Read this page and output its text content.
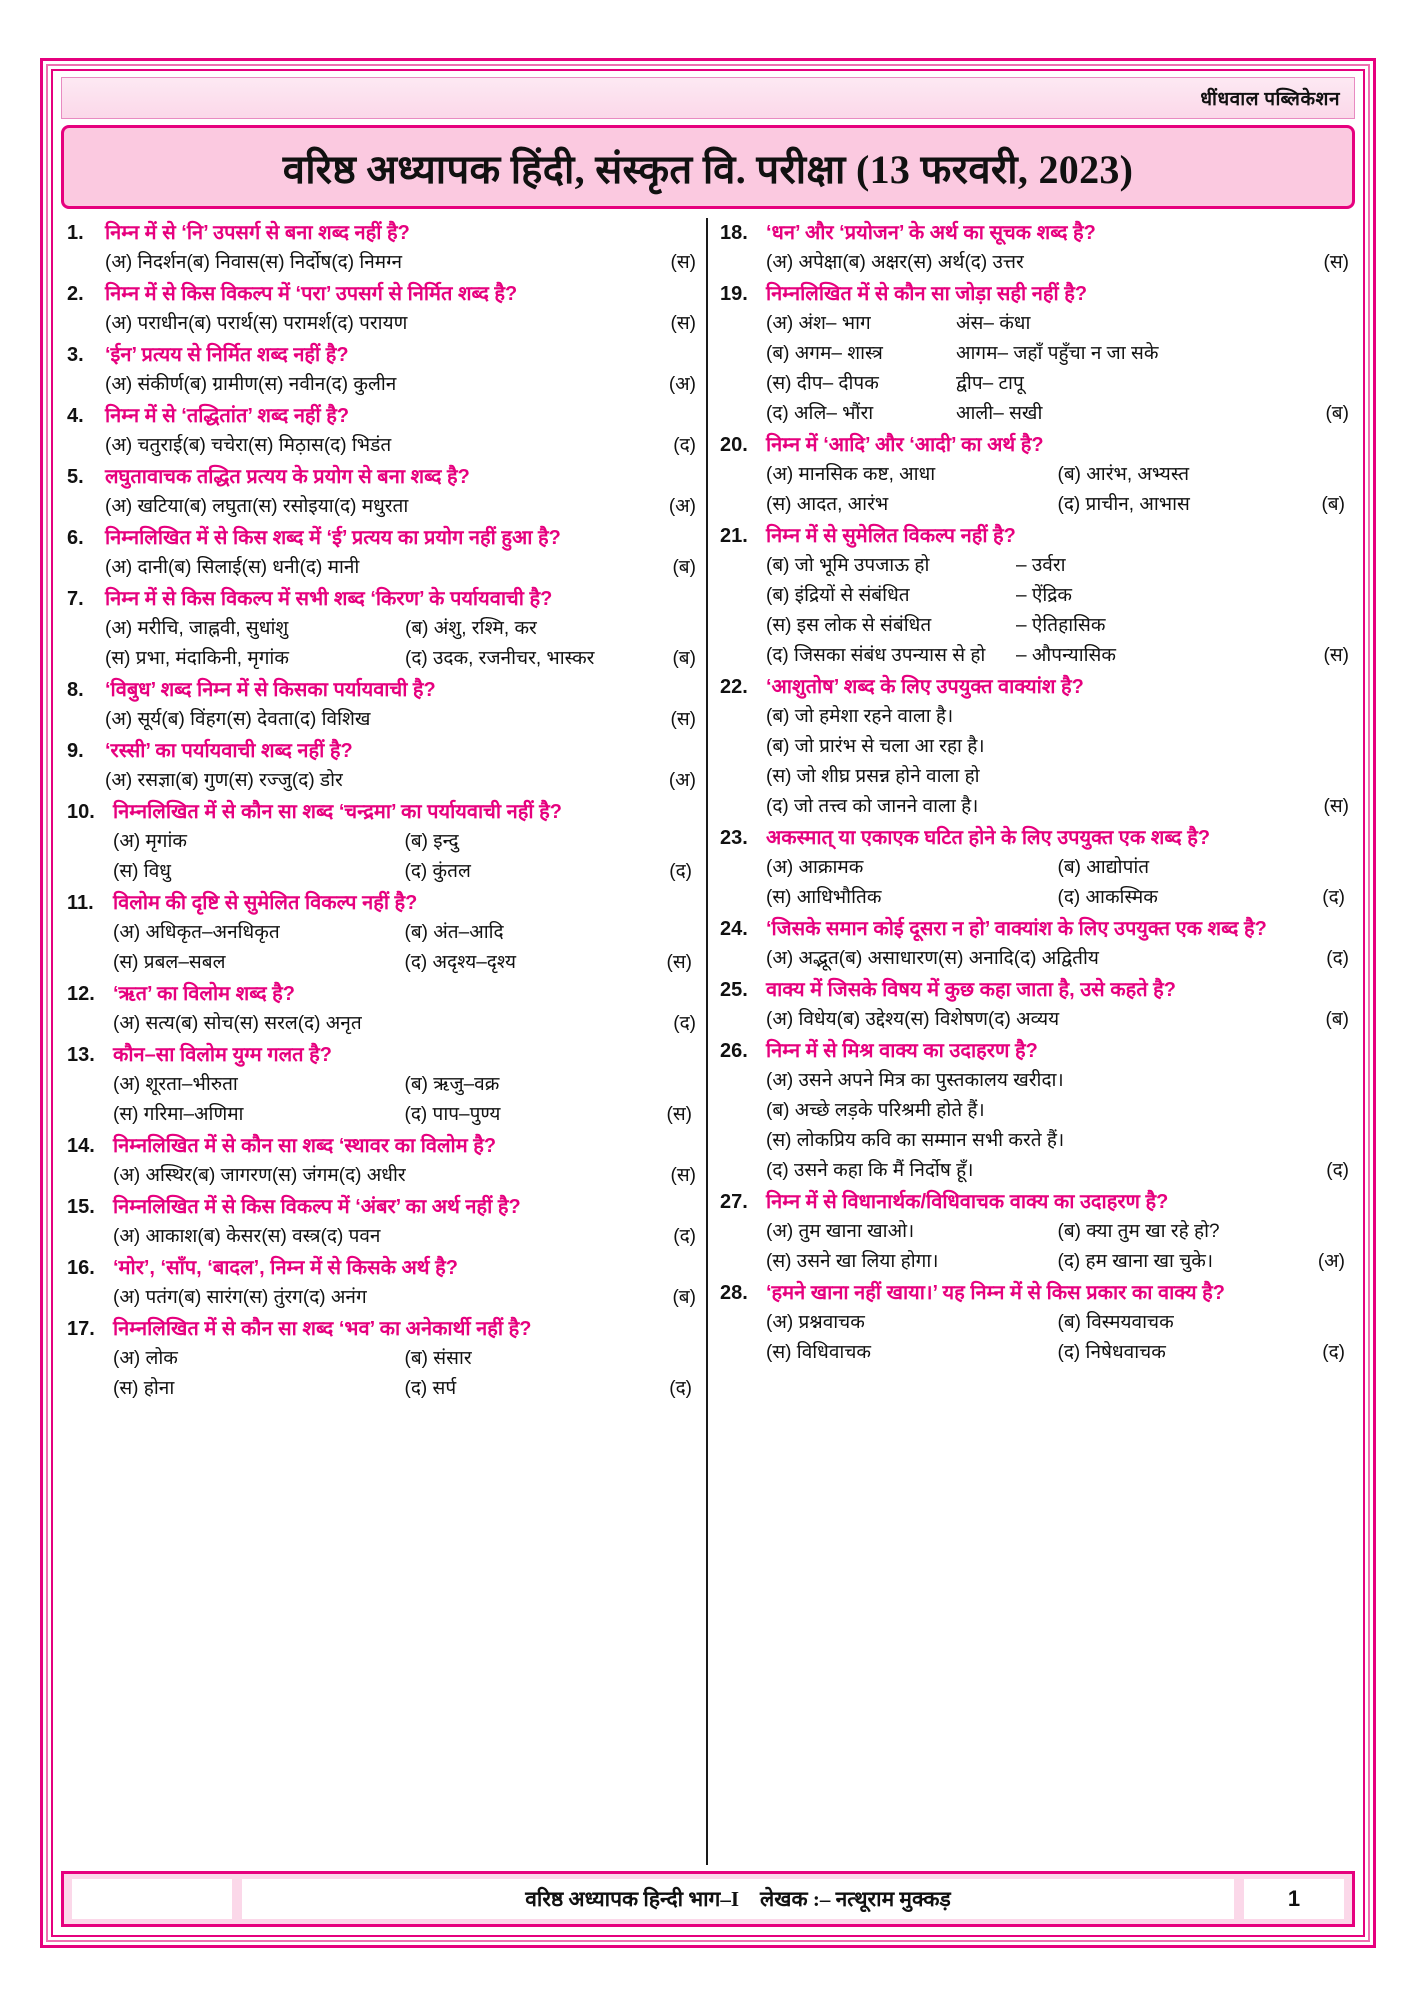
धींधवाल पब्लिकेशन
वरिष्ठ अध्यापक हिंदी, संस्कृत वि. परीक्षा (13 फरवरी, 2023)
1.	निम्न में से ‘नि’ उपसर्ग से बना शब्द नहीं है?
(अ) निदर्शन (ब) निवास (स) निर्दोष (द) निमग्न	(स)
2.	निम्न में से किस विकल्प में ‘परा’ उपसर्ग से निर्मित शब्द है?
(अ) पराधीन (ब) परार्थ (स) परामर्श (द) परायण	(स)
3.	‘ईन’ प्रत्यय से निर्मित शब्द नहीं है?
(अ) संकीर्ण (ब) ग्रामीण (स) नवीन (द) कुलीन	(अ)
4.	निम्न में से ‘तद्धितांत’ शब्द नहीं है?
(अ) चतुराई (ब) चचेरा (स) मिठ़ास (द) भिडंत	(द)
5.	लघुतावाचक तद्धित प्रत्यय के प्रयोग से बना शब्द है?
(अ) खटिया (ब) लघुता (स) रसोइया (द) मधुरता	(अ)
6.	निम्नलिखित में से किस शब्द में ‘ई’ प्रत्यय का प्रयोग नहीं हुआ है?
(अ) दानी (ब) सिलाई (स) धनी (द) मानी	(ब)
7.	निम्न में से किस विकल्प में सभी शब्द ‘किरण’ के पर्यायवाची है?
(अ) मरीचि, जाह्नवी, सुधांशु	(ब) अंशु, रश्मि, कर
(स) प्रभा, मंदाकिनी, मृगांक	(द) उदक, रजनीचर, भास्कर	(ब)
8.	‘विबुध’ शब्द निम्न में से किसका पर्यायवाची है?
(अ) सूर्य (ब) विंहग (स) देवता (द) विशिख	(स)
9.	‘रस्सी’ का पर्यायवाची शब्द नहीं है?
(अ) रसज्ञा (ब) गुण (स) रज्जु (द) डोर	(अ)
10. निम्नलिखित में से कौन सा शब्द ‘चन्द्रमा’ का पर्यायवाची नहीं है?
(अ) मृगांक	(ब) इन्दु
(स) विधु	(द) कुंतल	(द)
11. विलोम की दृष्टि से सुमेलित विकल्प नहीं है?
(अ) अधिकृत–अनधिकृत	(ब) अंत–आदि
(स) प्रबल–सबल	(द) अदृश्य–दृश्य	(स)
12. ‘ऋत’ का विलोम शब्द है?
(अ) सत्य (ब) सोच (स) सरल (द) अनृत	(द)
13. कौन–सा विलोम युग्म गलत है?
(अ) शूरता–भीरुता	(ब) ऋजु–वक्र
(स) गरिमा–अणिमा	(द) पाप–पुण्य	(स)
14. निम्नलिखित में से कौन सा शब्द ‘स्थावर का विलोम है?
(अ) अस्थिर (ब) जागरण (स) जंगम (द) अधीर	(स)
15. निम्नलिखित में से किस विकल्प में ‘अंबर’ का अर्थ नहीं है?
(अ) आकाश (ब) केसर (स) वस्त्र (द) पवन	(द)
16. ‘मोर’, ‘साँप, ‘बादल’, निम्न में से किसके अर्थ है?
(अ) पतंग (ब) सारंग (स) तुंरग (द) अनंग	(ब)
17. निम्नलिखित में से कौन सा शब्द ‘भव’ का अनेकार्थी नहीं है?
(अ) लोक	(ब) संसार
(स) होना	(द) सर्प	(द)
18. ‘धन’ और ‘प्रयोजन’ के अर्थ का सूचक शब्द है?
(अ) अपेक्षा (ब) अक्षर (स) अर्थ (द) उत्तर	(स)
19. निम्नलिखित में से कौन सा जोड़ा सही नहीं है?
(अ) अंश– भाग	अंस– कंधा
(ब) अगम– शास्त्र	आगम– जहाँ पहुँचा न जा सके
(स) दीप– दीपक	द्वीप– टापू
(द) अलि– भौंरा	आली– सखी	(ब)
20. निम्न में ‘आदि’ और ‘आदी’ का अर्थ है?
(अ) मानसिक कष्ट, आधा	(ब) आरंभ, अभ्यस्त
(स) आदत, आरंभ	(द) प्राचीन, आभास	(ब)
21. निम्न में से सुमेलित विकल्प नहीं है?
(ब) जो भूमि उपजाऊ हो	– उर्वरा
(ब) इंद्रियों से संबंधित	– ऐंद्रिक
(स) इस लोक से संबंधित	– ऐतिहासिक
(द) जिसका संबंध उपन्यास से हो	– औपन्यासिक	(स)
22. ‘आशुतोष’ शब्द के लिए उपयुक्त वाक्यांश है?
(ब) जो हमेशा रहने वाला है।
(ब) जो प्रारंभ से चला आ रहा है।
(स) जो शीघ्र प्रसन्न होने वाला हो
(द) जो तत्त्व को जानने वाला है।	(स)
23. अकस्मात् या एकाएक घटित होने के लिए उपयुक्त एक शब्द है?
(अ) आक्रामक	(ब) आद्योपांत
(स) आधिभौतिक	(द) आकस्मिक	(द)
24. ‘जिसके समान कोई दूसरा न हो’ वाक्यांश के लिए उपयुक्त एक शब्द है?
(अ) अद्भूत (ब) असाधारण (स) अनादि (द) अद्वितीय	(द)
25. वाक्य में जिसके विषय में कुछ कहा जाता है, उसे कहते है?
(अ) विधेय (ब) उद्देश्य (स) विशेषण (द) अव्यय	(ब)
26. निम्न में से मिश्र वाक्य का उदाहरण है?
(अ) उसने अपने मित्र का पुस्तकालय खरीदा।
(ब) अच्छे लड़के परिश्रमी होते हैं।
(स) लोकप्रिय कवि का सम्मान सभी करते हैं।
(द) उसने कहा कि मैं निर्दोष हूँ।	(द)
27. निम्न में से विधानार्थक/विधिवाचक वाक्य का उदाहरण है?
(अ) तुम खाना खाओ।	(ब) क्या तुम खा रहे हो?
(स) उसने खा लिया होगा।	(द) हम खाना खा चुके।	(अ)
28. ‘हमने खाना नहीं खाया।’ यह निम्न में से किस प्रकार का वाक्य है?
(अ) प्रश्नवाचक	(ब) विस्मयवाचक
(स) विधिवाचक	(द) निषेधवाचक	(द)
वरिष्ठ अध्यापक हिन्दी भाग–I लेखक :– नत्थूराम मुक्कड़	1
